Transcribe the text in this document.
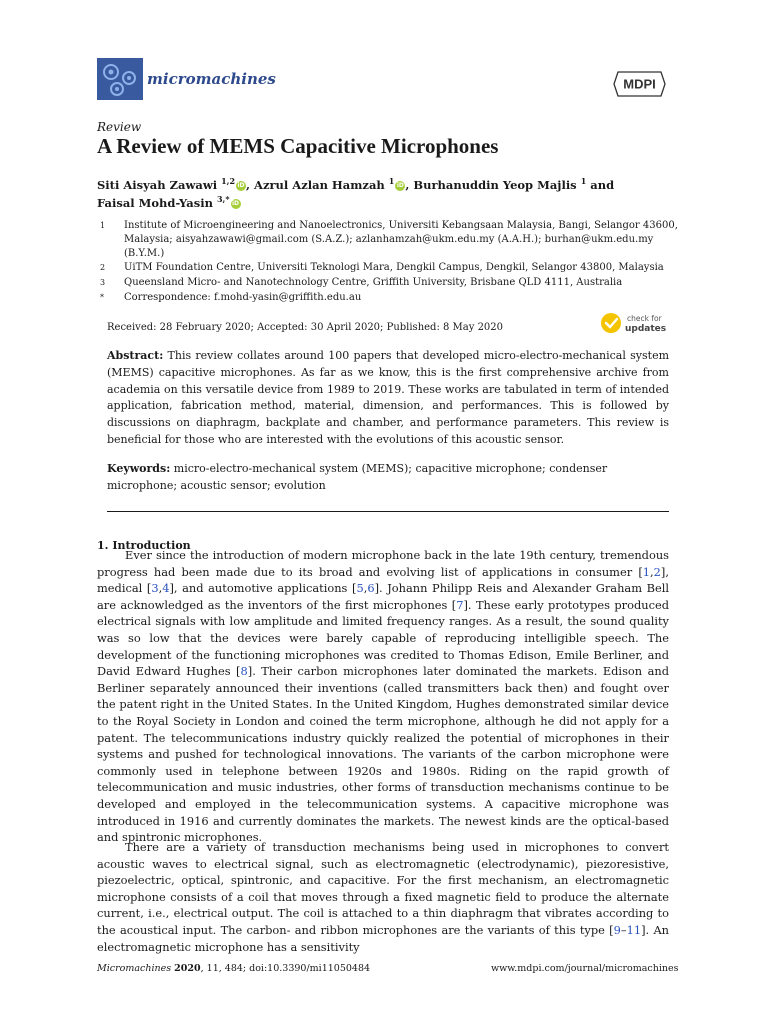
micromachines	MDPI
Review
A Review of MEMS Capacitive Microphones
Siti Aisyah Zawawi $^{1,2}$ iD, Azrul Azlan Hamzah $^1$ iD, Burhanuddin Yeop Majlis $^1$ and
Faisal Mohd-Yasin $^{3,*}$ iD
1 Institute of Microengineering and Nanoelectronics, Universiti Kebangsaan Malaysia, Bangi, Selangor 43600, Malaysia; aisyahzawawi@gmail.com (S.A.Z.); azlanhamzah@ukm.edu.my (A.A.H.); burhan@ukm.edu.my (B.Y.M.)
2 UiTM Foundation Centre, Universiti Teknologi Mara, Dengkil Campus, Dengkil, Selangor 43800, Malaysia
3 Queensland Micro- and Nanotechnology Centre, Griffith University, Brisbane QLD 4111, Australia
* Correspondence: f.mohd-yasin@griffith.edu.au
Received: 28 February 2020; Accepted: 30 April 2020; Published: 8 May 2020
check for
updates
Abstract: This review collates around 100 papers that developed micro-electro-mechanical system (MEMS) capacitive microphones. As far as we know, this is the first comprehensive archive from academia on this versatile device from 1989 to 2019. These works are tabulated in term of intended application, fabrication method, material, dimension, and performances. This is followed by discussions on diaphragm, backplate and chamber, and performance parameters. This review is beneficial for those who are interested with the evolutions of this acoustic sensor.
Keywords: micro-electro-mechanical system (MEMS); capacitive microphone; condenser microphone; acoustic sensor; evolution
1. Introduction
Ever since the introduction of modern microphone back in the late 19th century, tremendous progress had been made due to its broad and evolving list of applications in consumer [1,2], medical [3,4], and automotive applications [5,6]. Johann Philipp Reis and Alexander Graham Bell are acknowledged as the inventors of the first microphones [7]. These early prototypes produced electrical signals with low amplitude and limited frequency ranges. As a result, the sound quality was so low that the devices were barely capable of reproducing intelligible speech. The development of the functioning microphones was credited to Thomas Edison, Emile Berliner, and David Edward Hughes [8]. Their carbon microphones later dominated the markets. Edison and Berliner separately announced their inventions (called transmitters back then) and fought over the patent right in the United States. In the United Kingdom, Hughes demonstrated similar device to the Royal Society in London and coined the term microphone, although he did not apply for a patent. The telecommunications industry quickly realized the potential of microphones in their systems and pushed for technological innovations. The variants of the carbon microphone were commonly used in telephone between 1920s and 1980s. Riding on the rapid growth of telecommunication and music industries, other forms of transduction mechanisms continue to be developed and employed in the telecommunication systems. A capacitive microphone was introduced in 1916 and currently dominates the markets. The newest kinds are the optical-based and spintronic microphones.
There are a variety of transduction mechanisms being used in microphones to convert acoustic waves to electrical signal, such as electromagnetic (electrodynamic), piezoresistive, piezoelectric, optical, spintronic, and capacitive. For the first mechanism, an electromagnetic microphone consists of a coil that moves through a fixed magnetic field to produce the alternate current, i.e., electrical output. The coil is attached to a thin diaphragm that vibrates according to the acoustical input. The carbon- and ribbon microphones are the variants of this type [9–11]. An electromagnetic microphone has a sensitivity
Micromachines 2020, 11, 484; doi:10.3390/mi11050484	www.mdpi.com/journal/micromachines
